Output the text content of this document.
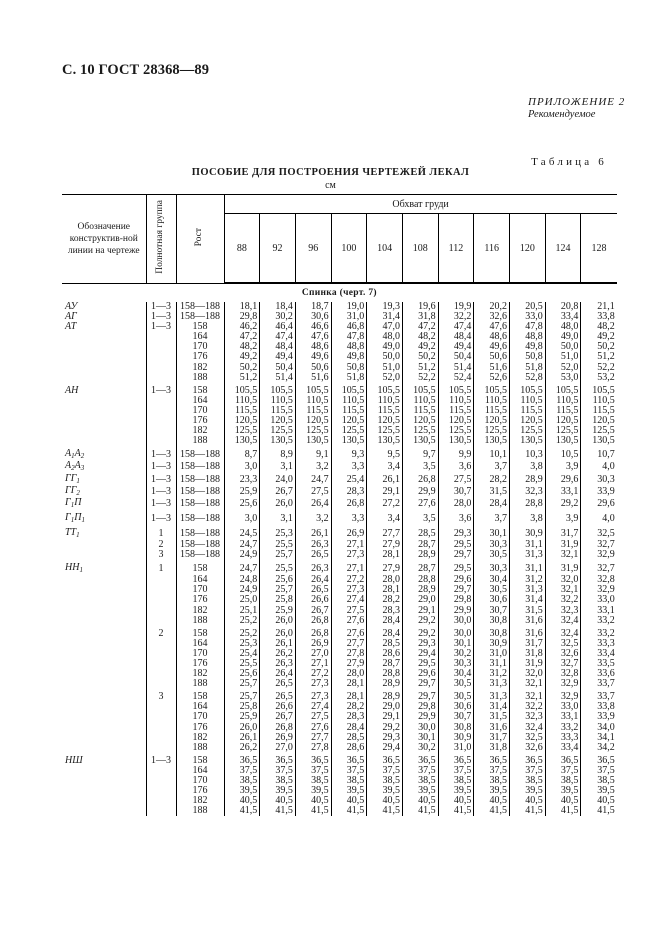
С. 10 ГОСТ 28368—89
ПРИЛОЖЕНИЕ 2
Рекомендуемое
Таблица 6
ПОСОБИЕ ДЛЯ ПОСТРОЕНИЯ ЧЕРТЕЖЕЙ ЛЕКАЛ
см
Обозначение конструктив-ной линии на чертеже	Полнотная группа	Рост	Обхват груди										
			88	92	96	100	104	108	112	116	120	124	128
Спинка (черт. 7)													
АУ	1—3	158—188	18,1	18,4	18,7	19,0	19,3	19,6	19,9	20,2	20,5	20,8	21,1
АГ	1—3	158—188	29,8	30,2	30,6	31,0	31,4	31,8	32,2	32,6	33,0	33,4	33,8
АТ	1—3	158	46,2	46,4	46,6	46,8	47,0	47,2	47,4	47,6	47,8	48,0	48,2
		164	47,2	47,4	47,6	47,8	48,0	48,2	48,4	48,6	48,8	49,0	49,2
		170	48,2	48,4	48,6	48,8	49,0	49,2	49,4	49,6	49,8	50,0	50,2
		176	49,2	49,4	49,6	49,8	50,0	50,2	50,4	50,6	50,8	51,0	51,2
		182	50,2	50,4	50,6	50,8	51,0	51,2	51,4	51,6	51,8	52,0	52,2
		188	51,2	51,4	51,6	51,8	52,0	52,2	52,4	52,6	52,8	53,0	53,2
АН	1—3	158	105,5	105,5	105,5	105,5	105,5	105,5	105,5	105,5	105,5	105,5	105,5
		164	110,5	110,5	110,5	110,5	110,5	110,5	110,5	110,5	110,5	110,5	110,5
		170	115,5	115,5	115,5	115,5	115,5	115,5	115,5	115,5	115,5	115,5	115,5
		176	120,5	120,5	120,5	120,5	120,5	120,5	120,5	120,5	120,5	120,5	120,5
		182	125,5	125,5	125,5	125,5	125,5	125,5	125,5	125,5	125,5	125,5	125,5
		188	130,5	130,5	130,5	130,5	130,5	130,5	130,5	130,5	130,5	130,5	130,5
$А_1А_2$	1—3	158—188	8,7	8,9	9,1	9,3	9,5	9,7	9,9	10,1	10,3	10,5	10,7
$А_2А_3$	1—3	158—188	3,0	3,1	3,2	3,3	3,4	3,5	3,6	3,7	3,8	3,9	4,0
$ГГ_1$	1—3	158—188	23,3	24,0	24,7	25,4	26,1	26,8	27,5	28,2	28,9	29,6	30,3
$ГГ_2$	1—3	158—188	25,9	26,7	27,5	28,3	29,1	29,9	30,7	31,5	32,3	33,1	33,9
$Г_1П$	1—3	158—188	25,6	26,0	26,4	26,8	27,2	27,6	28,0	28,4	28,8	29,2	29,6
$Г_1П_1$	1—3	158—188	3,0	3,1	3,2	3,3	3,4	3,5	3,6	3,7	3,8	3,9	4,0
$ТТ_1$	1	158—188	24,5	25,3	26,1	26,9	27,7	28,5	29,3	30,1	30,9	31,7	32,5
	2	158—188	24,7	25,5	26,3	27,1	27,9	28,7	29,5	30,3	31,1	31,9	32,7
	3	158—188	24,9	25,7	26,5	27,3	28,1	28,9	29,7	30,5	31,3	32,1	32,9
$НН_1$	1	158	24,7	25,5	26,3	27,1	27,9	28,7	29,5	30,3	31,1	31,9	32,7
		164	24,8	25,6	26,4	27,2	28,0	28,8	29,6	30,4	31,2	32,0	32,8
		170	24,9	25,7	26,5	27,3	28,1	28,9	29,7	30,5	31,3	32,1	32,9
		176	25,0	25,8	26,6	27,4	28,2	29,0	29,8	30,6	31,4	32,2	33,0
		182	25,1	25,9	26,7	27,5	28,3	29,1	29,9	30,7	31,5	32,3	33,1
		188	25,2	26,0	26,8	27,6	28,4	29,2	30,0	30,8	31,6	32,4	33,2
	2	158	25,2	26,0	26,8	27,6	28,4	29,2	30,0	30,8	31,6	32,4	33,2
		164	25,3	26,1	26,9	27,7	28,5	29,3	30,1	30,9	31,7	32,5	33,3
		170	25,4	26,2	27,0	27,8	28,6	29,4	30,2	31,0	31,8	32,6	33,4
		176	25,5	26,3	27,1	27,9	28,7	29,5	30,3	31,1	31,9	32,7	33,5
		182	25,6	26,4	27,2	28,0	28,8	29,6	30,4	31,2	32,0	32,8	33,6
		188	25,7	26,5	27,3	28,1	28,9	29,7	30,5	31,3	32,1	32,9	33,7
	3	158	25,7	26,5	27,3	28,1	28,9	29,7	30,5	31,3	32,1	32,9	33,7
		164	25,8	26,6	27,4	28,2	29,0	29,8	30,6	31,4	32,2	33,0	33,8
		170	25,9	26,7	27,5	28,3	29,1	29,9	30,7	31,5	32,3	33,1	33,9
		176	26,0	26,8	27,6	28,4	29,2	30,0	30,8	31,6	32,4	33,2	34,0
		182	26,1	26,9	27,7	28,5	29,3	30,1	30,9	31,7	32,5	33,3	34,1
		188	26,2	27,0	27,8	28,6	29,4	30,2	31,0	31,8	32,6	33,4	34,2
НШ	1—3	158	36,5	36,5	36,5	36,5	36,5	36,5	36,5	36,5	36,5	36,5	36,5
		164	37,5	37,5	37,5	37,5	37,5	37,5	37,5	37,5	37,5	37,5	37,5
		170	38,5	38,5	38,5	38,5	38,5	38,5	38,5	38,5	38,5	38,5	38,5
		176	39,5	39,5	39,5	39,5	39,5	39,5	39,5	39,5	39,5	39,5	39,5
		182	40,5	40,5	40,5	40,5	40,5	40,5	40,5	40,5	40,5	40,5	40,5
		188	41,5	41,5	41,5	41,5	41,5	41,5	41,5	41,5	41,5	41,5	41,5
